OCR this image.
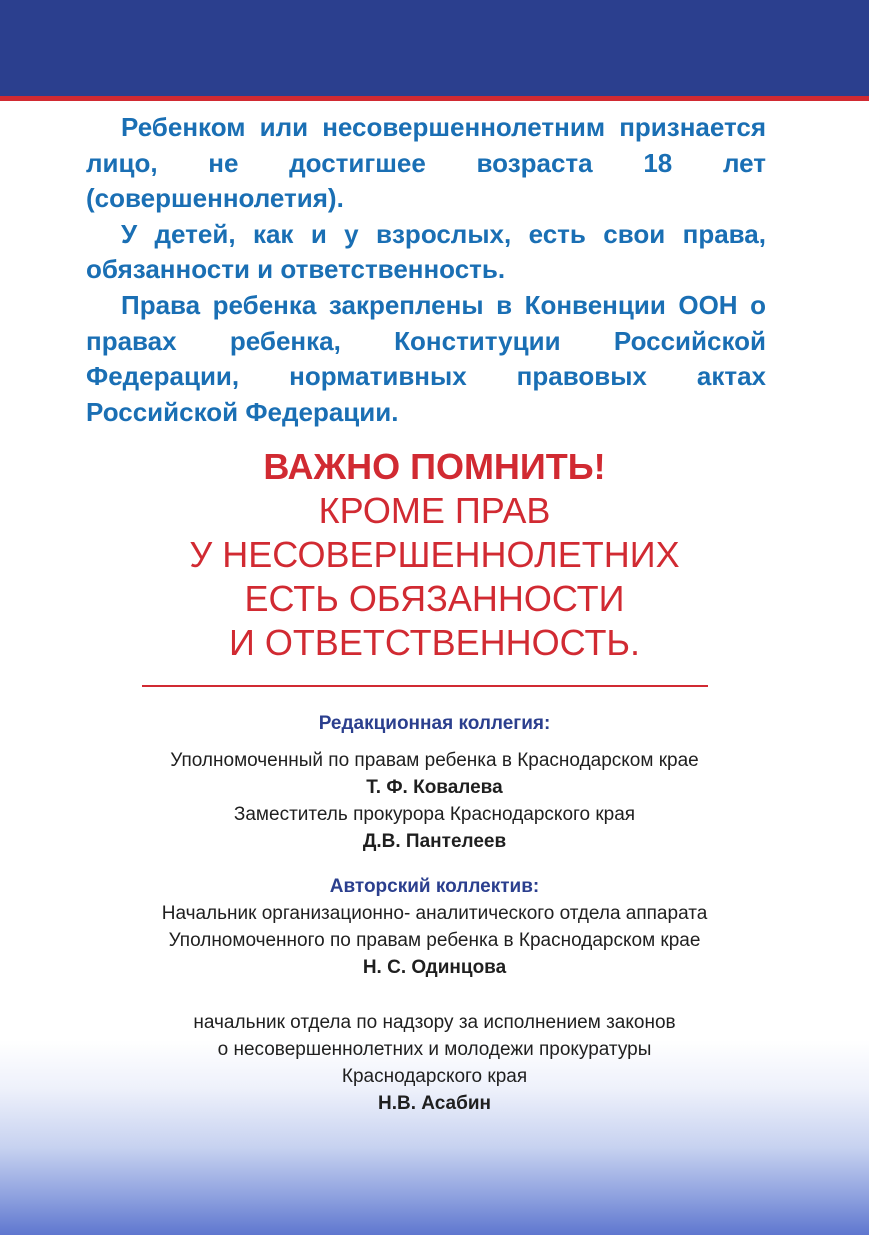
Ребенком или несовершеннолетним признается лицо, не достигшее возраста 18 лет (совершеннолетия).

У детей, как и у взрослых, есть свои права, обязанности и ответственность.

Права ребенка закреплены в Конвенции ООН о правах ребенка, Конституции Российской Федерации, нормативных правовых актах Российской Федерации.

ВАЖНО ПОМНИТЬ!
КРОМЕ ПРАВ
У НЕСОВЕРШЕННОЛЕТНИХ
ЕСТЬ ОБЯЗАННОСТИ
И ОТВЕТСТВЕННОСТЬ.
Редакционная коллегия:
Уполномоченный по правам ребенка в Краснодарском крае
Т. Ф. Ковалева
Заместитель прокурора Краснодарского края
Д.В. Пантелеев
Авторский коллектив:
Начальник организационно- аналитического отдела аппарата
Уполномоченного по правам ребенка в Краснодарском крае
Н. С. Одинцова
начальник отдела по надзору за исполнением законов
о несовершеннолетних и молодежи прокуратуры
Краснодарского края
Н.В. Асабин
